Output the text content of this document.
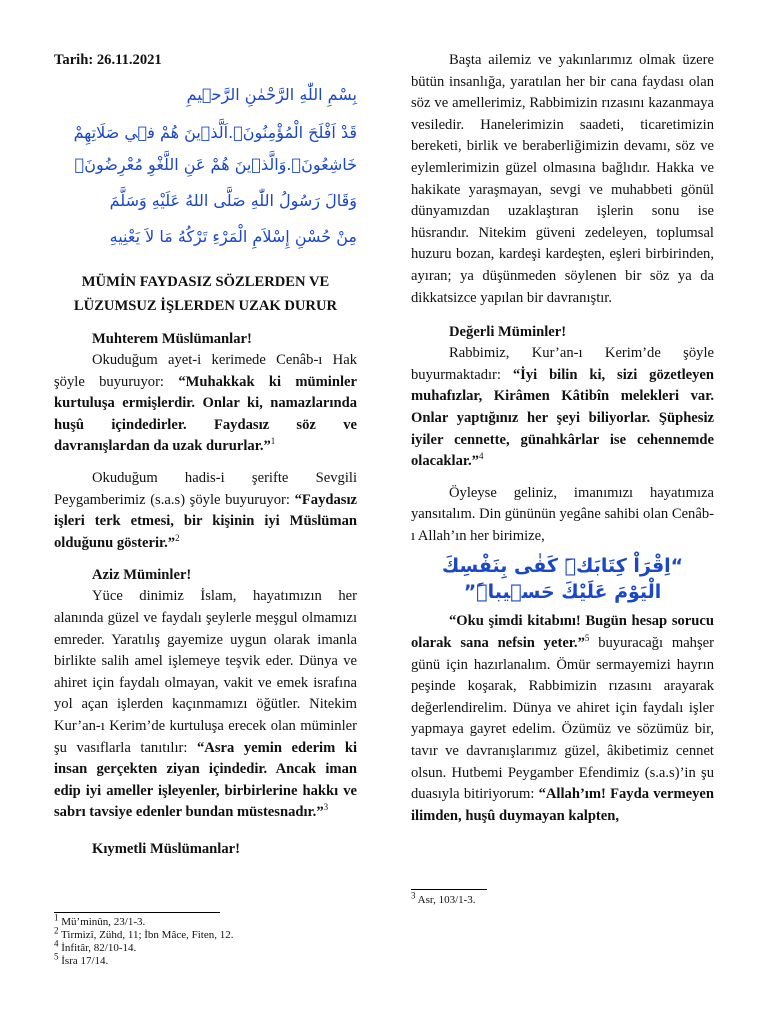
Tarih: 26.11.2021
بِسْمِ اللّٰهِ الرَّحْمٰنِ الرَّح۪يمِ
قَدْ اَفْلَحَ الْمُؤْمِنُونَۙ.اَلَّذ۪ينَ هُمْ ف۪ي صَلَاتِهِمْ
خَاشِعُونَۙ.وَالَّذ۪ينَ هُمْ عَنِ اللَّغْوِ مُعْرِضُونَۙ
وَقَالَ رَسُولُ اللّٰهِ صَلَّى اللهُ عَلَيْهِ وَسَلَّمَ
مِنْ حُسْنِ إِسْلاَمِ الْمَرْءِ تَرْكُهُ مَا لاَ يَعْنِيهِ
MÜMİN FAYDASIZ SÖZLERDEN VE
LÜZUMSUZ İŞLERDEN UZAK DURUR

Muhterem Müslümanlar!

Okuduğum ayet-i kerimede Cenâb-ı Hak şöyle buyuruyor: “Muhakkak ki müminler kurtuluşa ermişlerdir. Onlar ki, namazlarında huşû içindedirler. Faydasız söz ve davranışlardan da uzak dururlar.”$^1$

Okuduğum hadis-i şerifte Sevgili Peygamberimiz (s.a.s) şöyle buyuruyor: “Faydasız işleri terk etmesi, bir kişinin iyi Müslüman olduğunu gösterir.”$^2$

Aziz Müminler!

Yüce dinimiz İslam, hayatımızın her alanında güzel ve faydalı şeylerle meşgul olmamızı emreder. Yaratılış gayemize uygun olarak imanla birlikte salih amel işlemeye teşvik eder. Dünya ve ahiret için faydalı olmayan, vakit ve emek israfına yol açan işlerden kaçınmamızı öğütler. Nitekim Kur’an-ı Kerim’de kurtuluşa erecek olan müminler şu vasıflarla tanıtılır: “Asra yemin ederim ki insan gerçekten ziyan içindedir. Ancak iman edip iyi ameller işleyenler, birbirlerine hakkı ve sabrı tavsiye edenler bundan müstesnadır.”$^3$

Kıymetli Müslümanlar!

Başta ailemiz ve yakınlarımız olmak üzere bütün insanlığa, yaratılan her bir cana faydası olan söz ve amellerimiz, Rabbimizin rızasını kazanmaya vesiledir. Hanelerimizin saadeti, ticaretimizin bereketi, birlik ve beraberliğimizin devamı, söz ve eylemlerimizin güzel olmasına bağlıdır. Hakka ve hakikate yaraşmayan, sevgi ve muhabbeti gönül dünyamızdan uzaklaştıran işlerin sonu ise hüsrandır. Nitekim güveni zedeleyen, toplumsal huzuru bozan, kardeşi kardeşten, eşleri birbirinden, ayıran; ya düşünmeden söylenen bir söz ya da dikkatsizce yapılan bir davranıştır.

Değerli Müminler!

Rabbimiz, Kur’an-ı Kerim’de şöyle buyurmaktadır: “İyi bilin ki, sizi gözetleyen muhafızlar, Kirâmen Kâtibîn melekleri var. Onlar yaptığınız her şeyi biliyorlar. Şüphesiz iyiler cennette, günahkârlar ise cehennemde olacaklar.”$^4$

Öyleyse geliniz, imanımızı hayatımıza yansıtalım. Din gününün yegâne sahibi olan Cenâb-ı Allah’ın her birimize,

“اِقْرَاْ كِتَابَكَۜ كَفٰى بِنَفْسِكَ
الْيَوْمَ عَلَيْكَ حَس۪يباًۜ”

“Oku şimdi kitabını! Bugün hesap sorucu olarak sana nefsin yeter.”$^5$ buyuracağı mahşer günü için hazırlanalım. Ömür sermayemizi hayrın peşinde koşarak, Rabbimizin rızasını arayarak değerlendirelim. Dünya ve ahiret için faydalı işler yapmaya gayret edelim. Özümüz ve sözümüz bir, tavır ve davranışlarımız güzel, âkibetimiz cennet olsun. Hutbemi Peygamber Efendimiz (s.a.s)’in şu duasıyla bitiriyorum: “Allah’ım! Fayda vermeyen ilimden, huşû duymayan kalpten,

$^1$ Mü’minûn, 23/1-3.
$^2$ Tirmizî, Zühd, 11; İbn Mâce, Fiten, 12.
$^4$ İnfitâr, 82/10-14.
$^5$ İsra 17/14.
$^3$ Asr, 103/1-3.
